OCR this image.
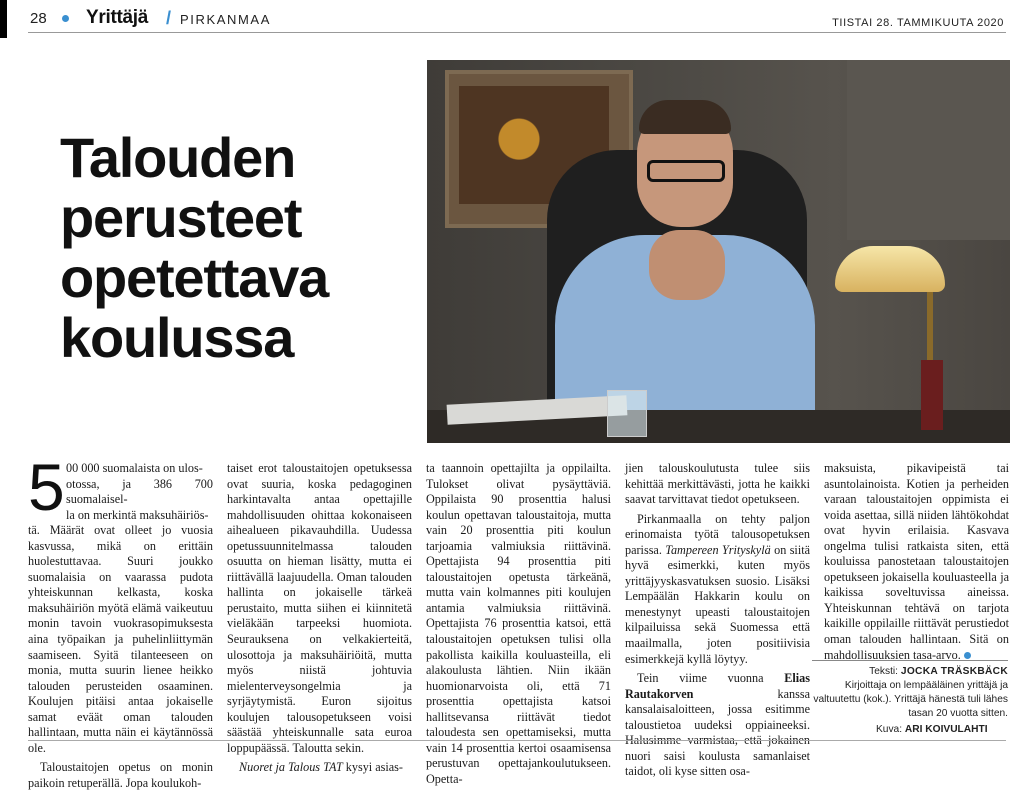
28 Yrittäjä / PIRKANMAA	TIISTAI 28. TAMMIKUUTA 2020
Talouden perusteet opetettava koulussa
5 00 000 suomalaista on ulos-
otossa, ja 386 700 suomalaisel-
la on merkintä maksuhäiriös-

tä. Määrät ovat olleet jo vuosia kasvussa, mikä on erittäin huolestuttavaa. Suuri joukko suomalaisia on vaarassa pudota yhteiskunnan kelkasta, koska maksuhäiriön myötä elämä vaikeutuu monin tavoin vuokrasopimuksesta aina työpaikan ja puhelinliittymän saamiseen. Syitä tilanteeseen on monia, mutta suurin lienee heikko talouden perusteiden osaaminen. Koulujen pitäisi antaa jokaiselle samat eväät oman talouden hallintaan, mutta näin ei käytännössä ole.

Taloustaitojen opetus on monin paikoin retuperällä. Jopa koulukoh-

taiset erot taloustaitojen opetuksessa ovat suuria, koska pedagoginen harkintavalta antaa opettajille mahdollisuuden ohittaa kokonaiseen aihealueen pikavauhdilla. Uudessa opetussuunnitelmassa talouden osuutta on hieman lisätty, mutta ei riittävällä laajuudella. Oman talouden hallinta on jokaiselle tärkeä perustaito, mutta siihen ei kiinnitetä vieläkään tarpeeksi huomiota. Seurauksena on velkakierteitä, ulosottoja ja maksuhäiriöitä, mutta myös niistä johtuvia mielenterveysongelmia ja syrjäytymistä. Euron sijoitus koulujen talousopetukseen voisi säästää yhteiskunnalle sata euroa loppupäässä. Taloutta sekin.

Nuoret ja Talous TAT kysyi asias-

ta taannoin opettajilta ja oppilailta. Tulokset olivat pysäyttäviä. Oppilaista 90 prosenttia halusi koulun opettavan taloustaitoja, mutta vain 20 prosenttia piti koulun tarjoamia valmiuksia riittävinä. Opettajista 94 prosenttia piti taloustaitojen opetusta tärkeänä, mutta vain kolmannes piti koulujen antamia valmiuksia riittävinä. Opettajista 76 prosenttia katsoi, että taloustaitojen opetuksen tulisi olla pakollista kaikilla kouluasteilla, eli alakoulusta lähtien. Niin ikään huomionarvoista oli, että 71 prosenttia opettajista katsoi hallitsevansa riittävät tiedot taloudesta sen opettamiseksi, mutta vain 14 prosenttia kertoi osaamisensa perustuvan opettajankoulutukseen. Opetta-

jien talouskoulutusta tulee siis kehittää merkittävästi, jotta he kaikki saavat tarvittavat tiedot opetukseen.

Pirkanmaalla on tehty paljon erinomaista työtä talousopetuksen parissa. Tampereen Yrityskylä on siitä hyvä esimerkki, kuten myös yrittäjyyskasvatuksen suosio. Lisäksi Lempäälän Hakkarin koulu on menestynyt upeasti taloustaitojen kilpailuissa sekä Suomessa että maailmalla, joten positiivisia esimerkkejä kyllä löytyy.

Tein viime vuonna Elias Rautakorven kanssa kansalaisaloitteen, jossa esitimme taloustietoa uudeksi oppiaineeksi. Halusimme varmistaa, että jokainen nuori saisi koulusta samanlaiset taidot, oli kyse sitten osa-

maksuista, pikavipeistä tai asuntolainoista. Kotien ja perheiden varaan taloustaitojen oppimista ei voida asettaa, sillä niiden lähtökohdat ovat hyvin erilaisia. Kasvava ongelma tulisi ratkaista siten, että kouluissa panostetaan taloustaitojen opetukseen jokaisella kouluasteella ja kaikissa soveltuvissa aineissa. Yhteiskunnan tehtävä on tarjota kaikille oppilaille riittävät perustiedot oman talouden hallintaan. Sitä on mahdollisuuksien tasa-arvo.

Teksti: JOCKA TRÄSKBÄCK
Kirjoittaja on lempääläinen yrittäjä ja valtuutettu (kok.). Yrittäjä hänestä tuli lähes tasan 20 vuotta sitten.
Kuva: ARI KOIVULAHTI
